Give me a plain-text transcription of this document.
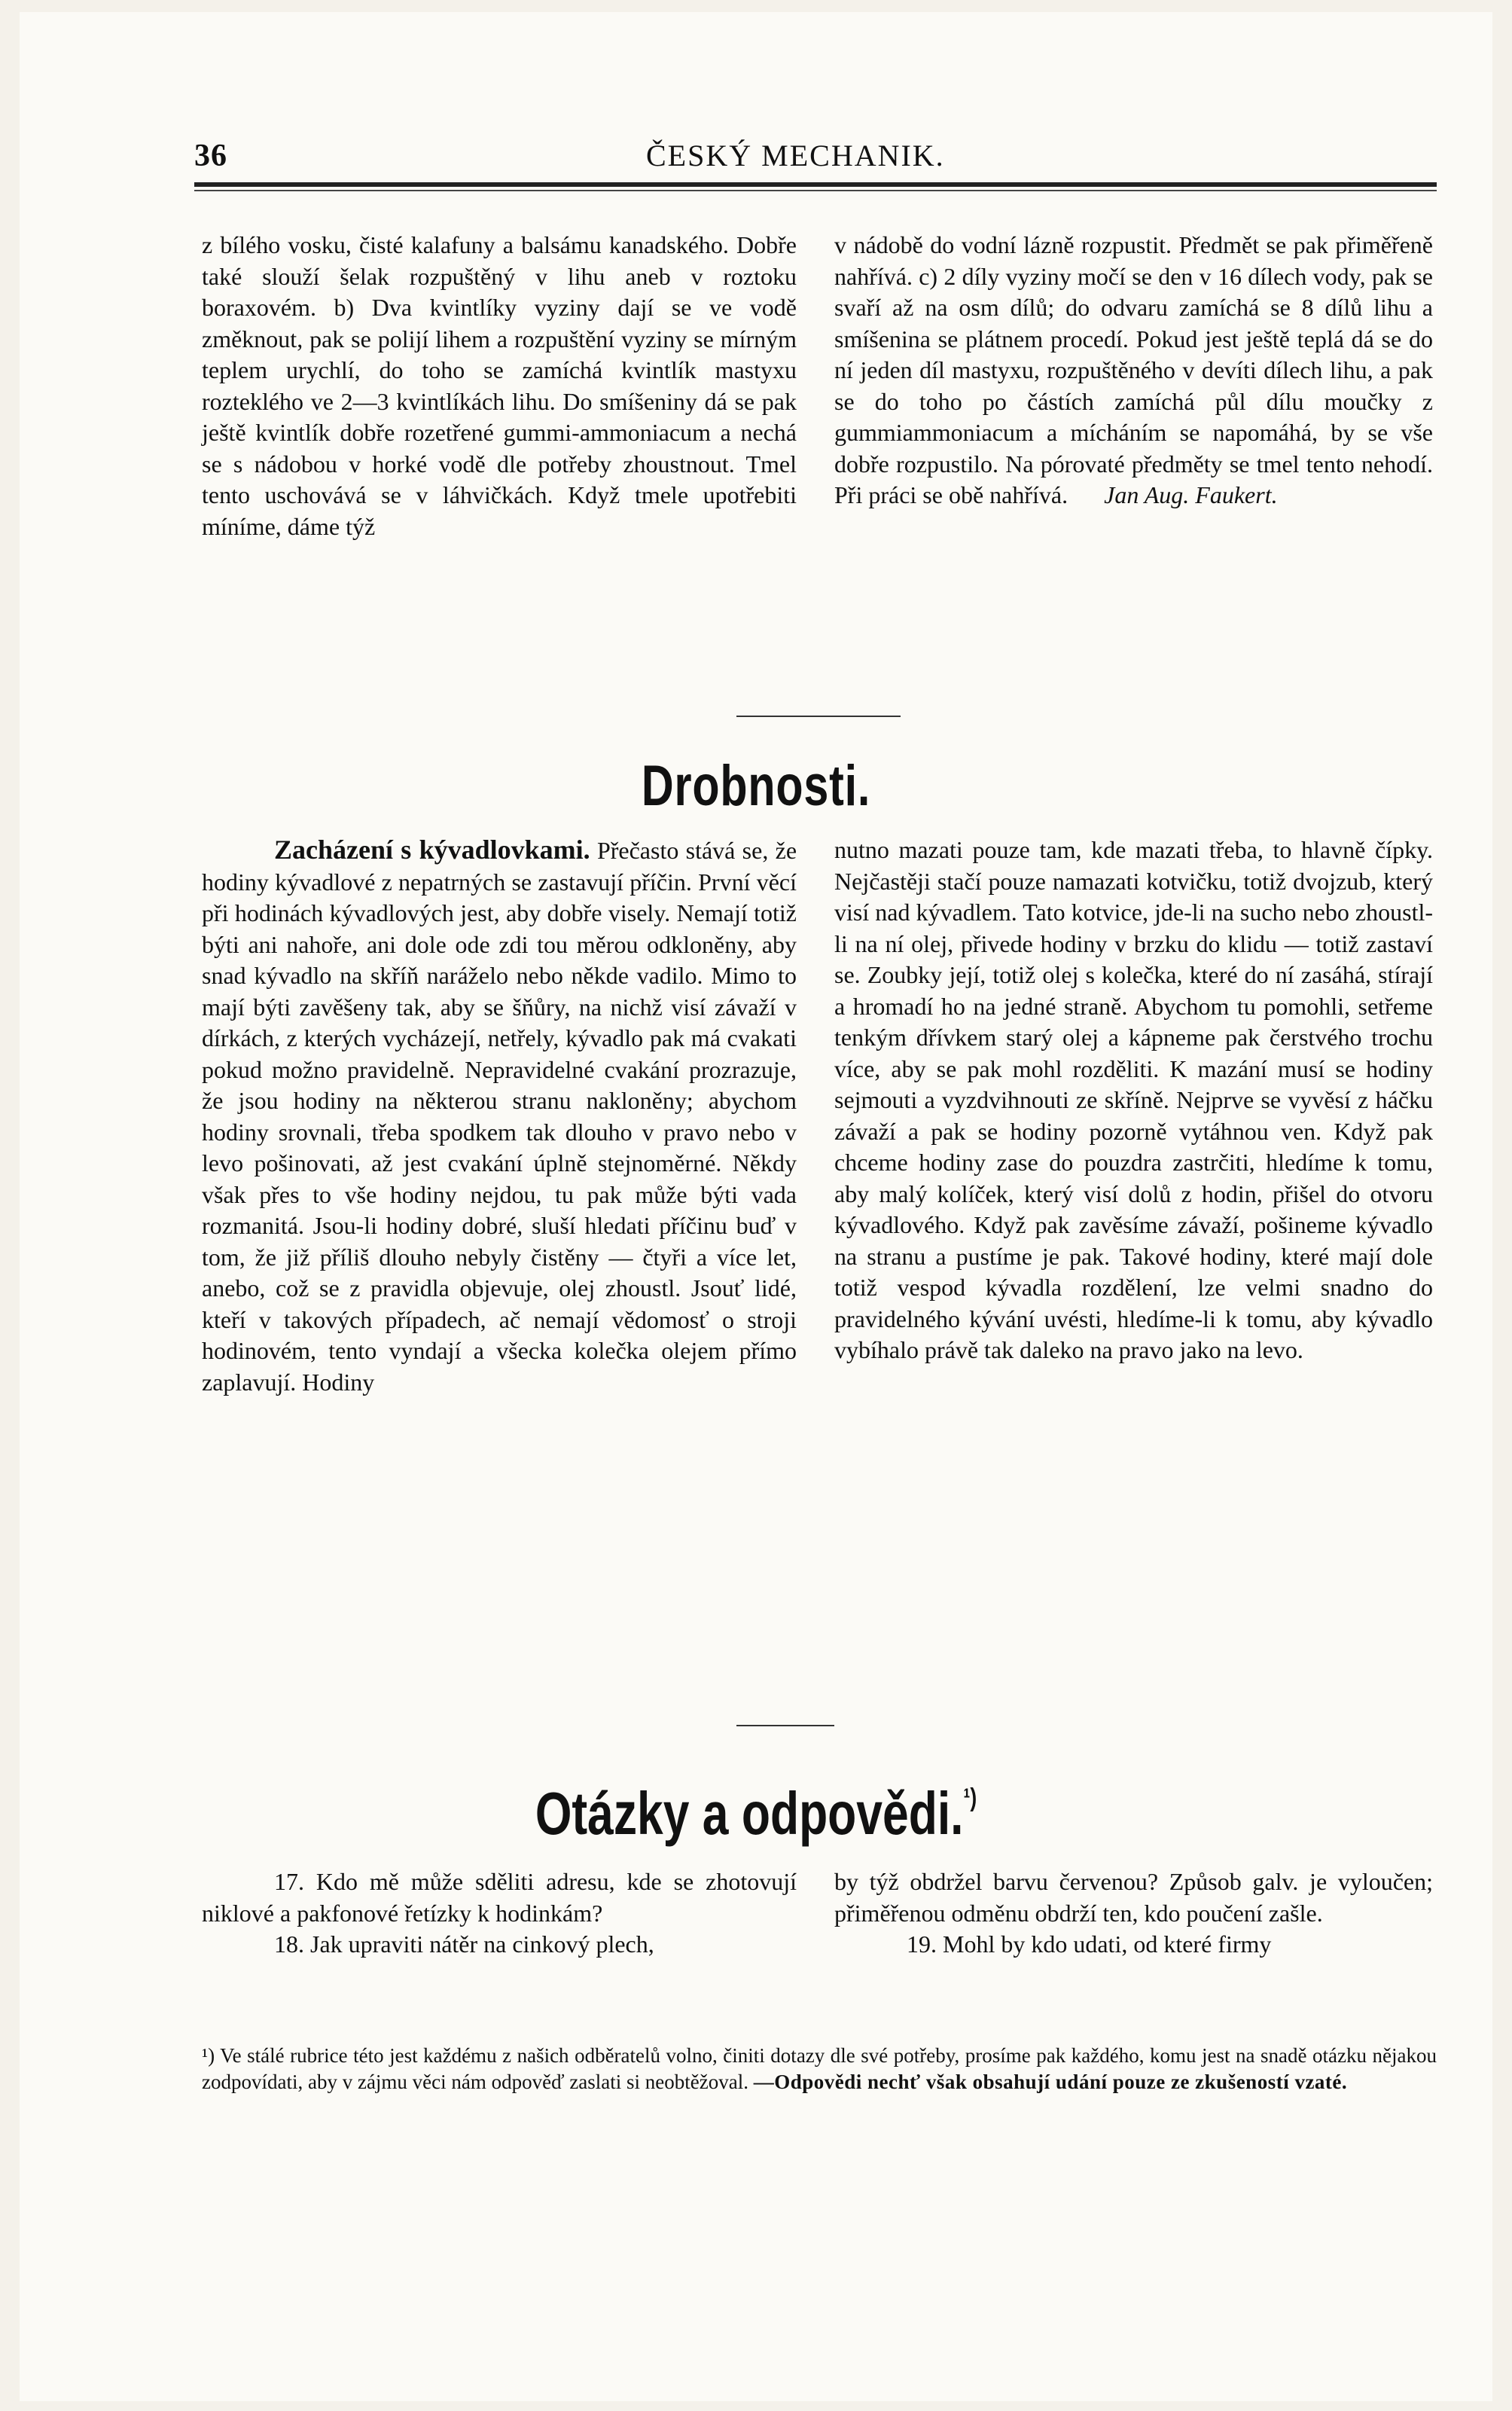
36	ČESKÝ MECHANIK.

z bílého vosku, čisté kalafuny a balsámu kanadského. Dobře také slouží šelak rozpuštěný v lihu aneb v roztoku boraxovém. b) Dva kvintlíky vyziny dají se ve vodě změknout, pak se polijí lihem a rozpuštění vyziny se mírným teplem urychlí, do toho se zamíchá kvintlík mastyxu rozteklého ve 2—3 kvintlíkách lihu. Do smíšeniny dá se pak ještě kvintlík dobře rozetřené gummi-ammoniacum a nechá se s nádobou v horké vodě dle potřeby zhoustnout. Tmel tento uschovává se v láhvičkách. Když tmele upotřebiti míníme, dáme týž

v nádobě do vodní lázně rozpustit. Předmět se pak přiměřeně nahřívá. c) 2 díly vyziny močí se den v 16 dílech vody, pak se svaří až na osm dílů; do odvaru zamíchá se 8 dílů lihu a smíšenina se plátnem procedí. Pokud jest ještě teplá dá se do ní jeden díl mastyxu, rozpuštěného v devíti dílech lihu, a pak se do toho po částích zamíchá půl dílu moučky z gummiammoniacum a mícháním se napomáhá, by se vše dobře rozpustilo. Na pórovaté předměty se tmel tento nehodí. Při práci se obě nahřívá. Jan Aug. Faukert.

Drobnosti.

Zacházení s kývadlovkami. Přečasto stává se, že hodiny kývadlové z nepatrných se zastavují příčin. První věcí při hodinách kývadlových jest, aby dobře visely. Nemají totiž býti ani nahoře, ani dole ode zdi tou měrou odkloněny, aby snad kývadlo na skříň naráželo nebo někde vadilo. Mimo to mají býti zavěšeny tak, aby se šňůry, na nichž visí závaží v dírkách, z kterých vycházejí, netřely, kývadlo pak má cvakati pokud možno pravidelně. Nepravidelné cvakání prozrazuje, že jsou hodiny na některou stranu nakloněny; abychom hodiny srovnali, třeba spodkem tak dlouho v pravo nebo v levo pošinovati, až jest cvakání úplně stejnoměrné. Někdy však přes to vše hodiny nejdou, tu pak může býti vada rozmanitá. Jsou-li hodiny dobré, sluší hledati příčinu buď v tom, že již příliš dlouho nebyly čistěny — čtyři a více let, anebo, což se z pravidla objevuje, olej zhoustl. Jsouť lidé, kteří v takových případech, ač nemají vědomosť o stroji hodinovém, tento vyndají a všecka kolečka olejem přímo zaplavují. Hodiny

nutno mazati pouze tam, kde mazati třeba, to hlavně čípky. Nejčastěji stačí pouze namazati kotvičku, totiž dvojzub, který visí nad kývadlem. Tato kotvice, jde-li na sucho nebo zhoustl-li na ní olej, přivede hodiny v brzku do klidu — totiž zastaví se. Zoubky její, totiž olej s kolečka, které do ní zasáhá, stírají a hromadí ho na jedné straně. Abychom tu pomohli, setřeme tenkým dřívkem starý olej a kápneme pak čerstvého trochu více, aby se pak mohl rozděliti. K mazání musí se hodiny sejmouti a vyzdvihnouti ze skříně. Nejprve se vyvěsí z háčku závaží a pak se hodiny pozorně vytáhnou ven. Když pak chceme hodiny zase do pouzdra zastrčiti, hledíme k tomu, aby malý kolíček, který visí dolů z hodin, přišel do otvoru kývadlového. Když pak zavěsíme závaží, pošineme kývadlo na stranu a pustíme je pak. Takové hodiny, které mají dole totiž vespod kývadla rozdělení, lze velmi snadno do pravidelného kývání uvésti, hledíme-li k tomu, aby kývadlo vybíhalo právě tak daleko na pravo jako na levo.

Otázky a odpovědi.$^{^1)}$

17. Kdo mě může sděliti adresu, kde se zhotovují niklové a pakfonové řetízky k hodinkám?

18. Jak upraviti nátěr na cinkový plech,

by týž obdržel barvu červenou? Způsob galv. je vyloučen; přiměřenou odměnu obdrží ten, kdo poučení zašle.

19. Mohl by kdo udati, od které firmy

¹) Ve stálé rubrice této jest každému z našich odběratelů volno, činiti dotazy dle své potřeby, prosíme pak každého, komu jest na snadě otázku nějakou zodpovídati, aby v zájmu věci nám odpověď zaslati si neobtěžoval. —Odpovědi nechť však obsahují udání pouze ze zkušeností vzaté.
